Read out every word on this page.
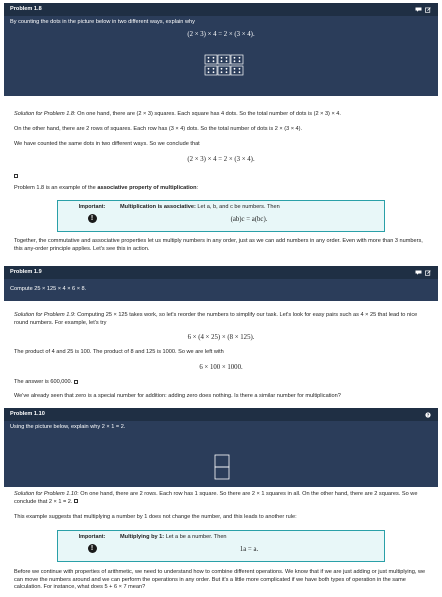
Problem 1.8
By counting the dots in the picture below in two different ways, explain why
(2 × 3) × 4 = 2 × (3 × 4).
Solution for Problem 1.8: On one hand, there are (2 × 3) squares. Each square has 4 dots. So the total number of dots is (2 × 3) × 4.
On the other hand, there are 2 rows of squares. Each row has (3 × 4) dots. So the total number of dots is 2 × (3 × 4).
We have counted the same dots in two different ways. So we conclude that
(2 × 3) × 4 = 2 × (3 × 4).
Problem 1.8 is an example of the associative property of multiplication:
Important:
!
Multiplication is associative: Let a, b, and c be numbers. Then
(ab)c = a(bc).
Together, the commutative and associative properties let us multiply numbers in any order, just as we can add numbers in any order. Even with more than 3 numbers, this any-order principle applies. Let's see this in action.
Problem 1.9
Compute 25 × 125 × 4 × 6 × 8.
Solution for Problem 1.9: Computing 25 × 125 takes work, so let's reorder the numbers to simplify our task. Let's look for easy pairs such as 4 × 25 that lead to nice round numbers. For example, let's try
6 × (4 × 25) × (8 × 125).
The product of 4 and 25 is 100. The product of 8 and 125 is 1000. So we are left with
6 × 100 × 1000.
The answer is 600,000.
We've already seen that zero is a special number for addition: adding zero does nothing. Is there a similar number for multiplication?
Problem 1.10	?
Using the picture below, explain why 2 × 1 = 2.
Solution for Problem 1.10: On one hand, there are 2 rows. Each row has 1 square. So there are 2 × 1 squares in all. On the other hand, there are 2 squares. So we conclude that 2 × 1 = 2.
This example suggests that multiplying a number by 1 does not change the number, and this leads to another rule:
Important:
!
Multiplying by 1: Let a be a number. Then
1a = a.
Before we continue with properties of arithmetic, we need to understand how to combine different operations. We know that if we are just adding or just multiplying, we can move the numbers around and we can perform the operations in any order. But it's a little more complicated if we have both types of operation in the same calculation. For instance, what does 5 + 6 × 7 mean?
